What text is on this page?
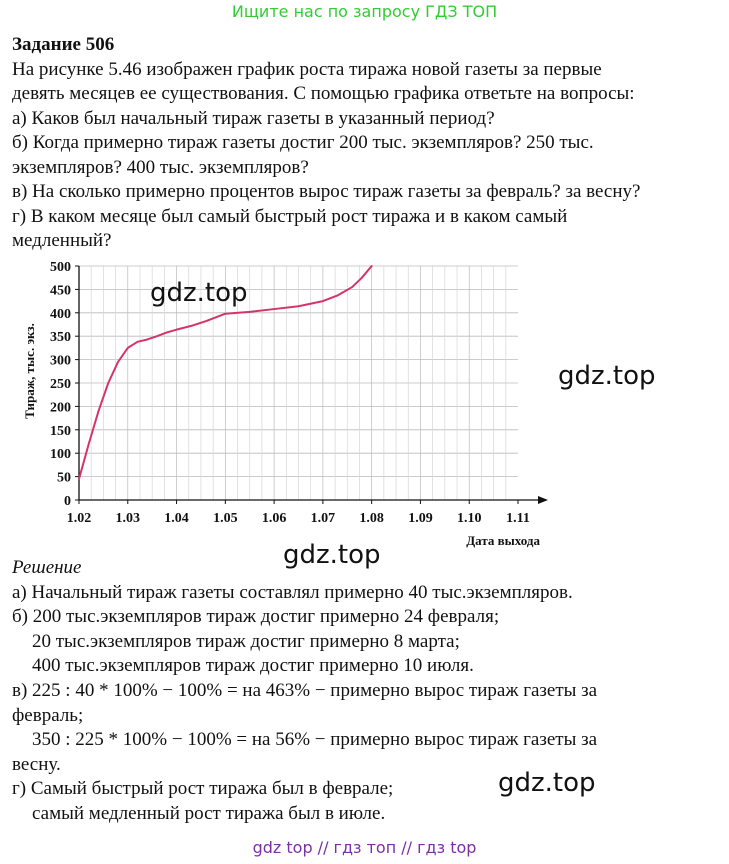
Ищите нас по запросу ГДЗ ТОП

Задание 506

На рисунке 5.46 изображен график роста тиража новой газеты за первые

девять месяцев ее существования. С помощью графика ответьте на вопросы:

а) Каков был начальный тираж газеты в указанный период?

б) Когда примерно тираж газеты достиг 200 тыс. экземпляров? 250 тыс.

экземпляров? 400 тыс. экземпляров?

в) На сколько примерно процентов вырос тираж газеты за февраль? за весну?

г) В каком месяце был самый быстрый рост тиража и в каком самый

медленный?

0
50
100
150
200
250
300
350
400
450
500
1.02 1.03 1.04 1.05 1.06 1.07 1.08 1.09 1.10 1.11
Дата выхода
Тираж, тыс. экз.
gdz.top
gdz.top
gdz.top
gdz.top

Решение

а) Начальный тираж газеты составлял примерно 40 тыс.экземпляров.

б) 200 тыс.экземпляров тираж достиг примерно 24 февраля;

20 тыс.экземпляров тираж достиг примерно 8 марта;

400 тыс.экземпляров тираж достиг примерно 10 июля.

в) 225 : 40 * 100% − 100% = на 463% − примерно вырос тираж газеты за

февраль;

350 : 225 * 100% − 100% = на 56% − примерно вырос тираж газеты за

весну.

г) Самый быстрый рост тиража был в феврале;

самый медленный рост тиража был в июле.

gdz top // гдз топ // гдз top
